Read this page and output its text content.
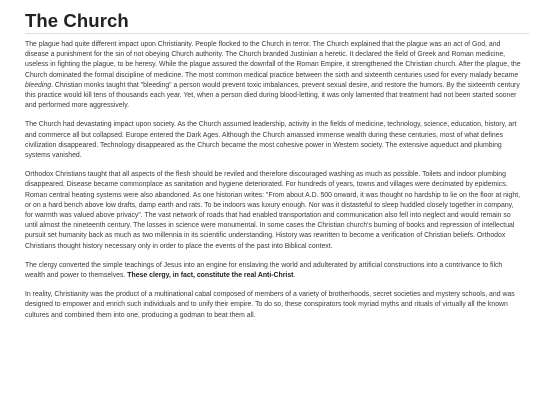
The Church

The plague had quite different impact upon Christianity. People flocked to the Church in terror. The Church explained that the plague was an act of God, and disease a punishment for the sin of not obeying Church authority. The Church branded Justinian a heretic. It declared the field of Greek and Roman medicine, useless in fighting the plague, to be heresy. While the plague assured the downfall of the Roman Empire, it strengthened the Christian church. After the plague, the Church dominated the formal discipline of medicine. The most common medical practice between the sixth and sixteenth centuries used for every malady became bleeding. Christian monks taught that "bleeding" a person would prevent toxic imbalances, prevent sexual desire, and restore the humors. By the sixteenth century this practice would kill tens of thousands each year. Yet, when a person died during blood-letting, it was only lamented that treatment had not been started sooner and performed more aggressively.

The Church had devastating impact upon society. As the Church assumed leadership, activity in the fields of medicine, technology, science, education, history, art and commerce all but collapsed. Europe entered the Dark Ages. Although the Church amassed immense wealth during these centuries, most of what defines civilization disappeared. Technology disappeared as the Church became the most cohesive power in Western society. The extensive aqueduct and plumbing systems vanished.

Orthodox Christians taught that all aspects of the flesh should be reviled and therefore discouraged washing as much as possible. Toilets and indoor plumbing disappeared. Disease became commonplace as sanitation and hygiene deteriorated. For hundreds of years, towns and villages were decimated by epidemics. Roman central heating systems were also abandoned. As one historian writes: "From about A.D. 500 onward, it was thought no hardship to lie on the floor at night, or on a hard bench above low drafts, damp earth and rats. To be indoors was luxury enough. Nor was it distasteful to sleep huddled closely together in company, for warmth was valued above privacy". The vast network of roads that had enabled transportation and communication also fell into neglect and would remain so until almost the nineteenth century. The losses in science were monumental. In some cases the Christian church's burning of books and repression of intellectual pursuit set humanity back as much as two millennia in its scientific understanding. History was rewritten to become a verification of Christian beliefs. Orthodox Christians thought history necessary only in order to place the events of the past into Biblical context.

The clergy converted the simple teachings of Jesus into an engine for enslaving the world and adulterated by artificial constructions into a contrivance to filch wealth and power to themselves. These clergy, in fact, constitute the real Anti-Christ.

In reality, Christianity was the product of a multinational cabal composed of members of a variety of brotherhoods, secret societies and mystery schools, and was designed to empower and enrich such individuals and to unify their empire. To do so, these conspirators took myriad myths and rituals of virtually all the known cultures and combined them into one, producing a godman to beat them all.
